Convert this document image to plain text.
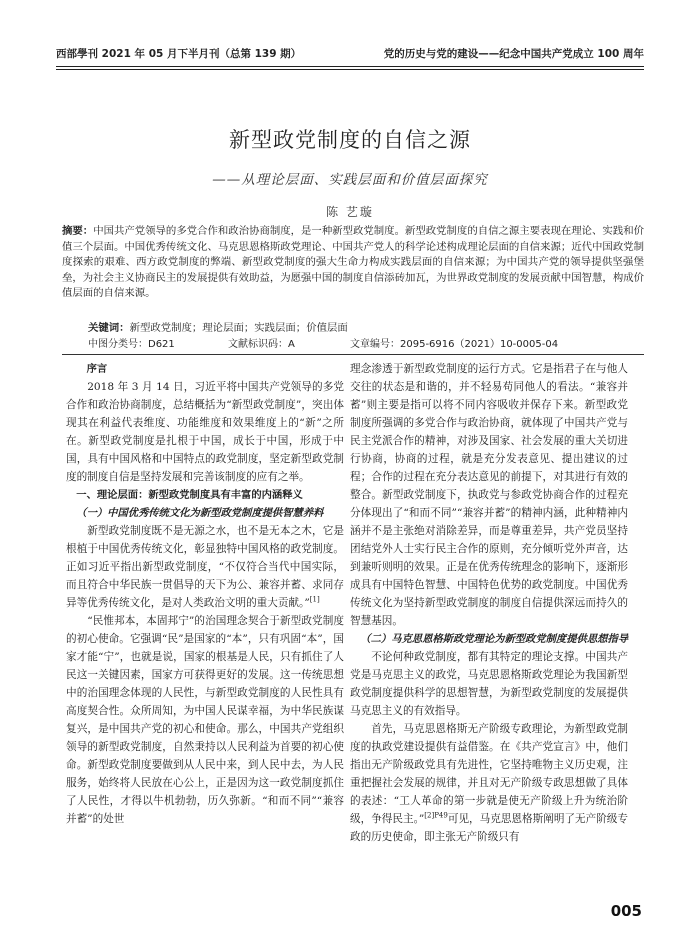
西部學刊 2021 年 05 月下半月刊（总第 139 期）	党的历史与党的建设——纪念中国共产党成立 100 周年
新型政党制度的自信之源
——从理论层面、实践层面和价值层面探究
陈 艺璇
摘要：中国共产党领导的多党合作和政治协商制度，是一种新型政党制度。新型政党制度的自信之源主要表现在理论、实践和价值三个层面。中国优秀传统文化、马克思恩格斯政党理论、中国共产党人的科学论述构成理论层面的自信来源；近代中国政党制度探索的艰难、西方政党制度的弊端、新型政党制度的强大生命力构成实践层面的自信来源；为中国共产党的领导提供坚强堡垒，为社会主义协商民主的发展提供有效助益，为愿强中国的制度自信添砖加瓦，为世界政党制度的发展贡献中国智慧，构成价值层面的自信来源。
关键词：新型政党制度；理论层面；实践层面；价值层面
中图分类号：D621	文献标识码：A	文章编号：2095-6916（2021）10-0005-04

序言

2018 年 3 月 14 日，习近平将中国共产党领导的多党合作和政治协商制度，总结概括为“新型政党制度”，突出体现其在利益代表维度、功能维度和效果维度上的“新”之所在。新型政党制度是扎根于中国，成长于中国，形成于中国，具有中国风格和中国特点的政党制度，坚定新型政党制度的制度自信是坚持发展和完善该制度的应有之举。

一、理论层面：新型政党制度具有丰富的内涵释义

（一）中国优秀传统文化为新型政党制度提供智慧养料

新型政党制度既不是无源之水，也不是无本之木，它是根植于中国优秀传统文化，彰显独特中国风格的政党制度。正如习近平指出新型政党制度，“不仅符合当代中国实际，而且符合中华民族一贯倡导的天下为公、兼容并蓄、求同存异等优秀传统文化，是对人类政治文明的重大贡献。”[1]

“民惟邦本，本固邦宁”的治国理念契合于新型政党制度的初心使命。它强调“民”是国家的“本”，只有巩固“本”，国家才能“宁”，也就是说，国家的根基是人民，只有抓住了人民这一关键因素，国家方可获得更好的发展。这一传统思想中的治国理念体现的人民性，与新型政党制度的人民性具有高度契合性。众所周知，为中国人民谋幸福，为中华民族谋复兴，是中国共产党的初心和使命。那么，中国共产党组织领导的新型政党制度，自然秉持以人民利益为首要的初心使命。新型政党制度要做到从人民中来，到人民中去，为人民服务，始终将人民放在心公上，正是因为这一政党制度抓住了人民性，才得以牛机勃勃，历久弥新。“和而不同”“兼容并蓄”的处世

理念渗透于新型政党制度的运行方式。它是指君子在与他人交往的状态是和谐的，并不轻易苟同他人的看法。“兼容并蓄”则主要是指可以将不同内容吸收并保存下来。新型政党制度所强调的多党合作与政治协商，就体现了中国共产党与民主党派合作的精神，对涉及国家、社会发展的重大关切进行协商，协商的过程，就是充分发表意见、提出建议的过程；合作的过程在充分表达意见的前提下，对其进行有效的整合。新型政党制度下，执政党与参政党协商合作的过程充分体现出了“和而不同”“兼容并蓄”的精神内涵，此种精神内涵并不是主张绝对消除差异，而是尊重差异，共产党员坚持团结党外人士实行民主合作的原则，充分倾听党外声音，达到兼听则明的效果。正是在优秀传统理念的影响下，逐渐形成具有中国特色智慧、中国特色优势的政党制度。中国优秀传统文化为坚持新型政党制度的制度自信提供深远而持久的智慧基因。

（二）马克思恩格斯政党理论为新型政党制度提供思想指导

不论何种政党制度，都有其特定的理论支撑。中国共产党是马克思主义的政党，马克思恩格斯政党理论为我国新型政党制度提供科学的思想智慧，为新型政党制度的发展提供马克思主义的有效指导。

首先，马克思恩格斯无产阶级专政理论，为新型政党制度的执政党建设提供有益借鉴。在《共产党宣言》中，他们指出无产阶级政党具有先进性，它坚持唯物主义历史观，注重把握社会发展的规律，并且对无产阶级专政思想做了具体的表述：“工人革命的第一步就是使无产阶级上升为统治阶级，争得民主。”$^{[2]P49}$可见，马克思恩格斯阐明了无产阶级专政的历史使命，即主张无产阶级只有

005
